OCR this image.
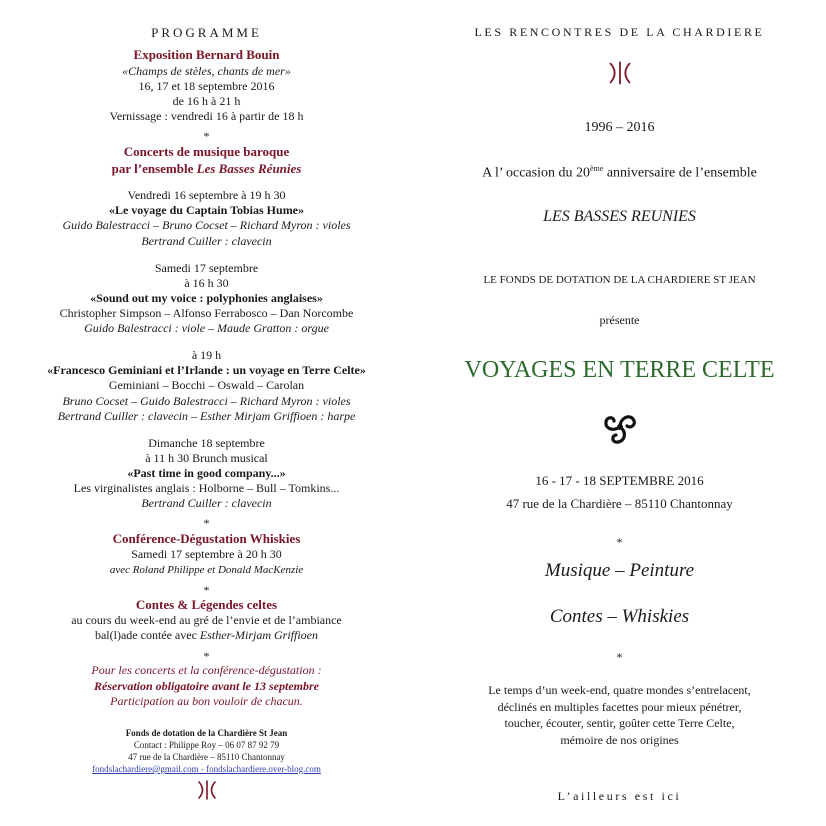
PROGRAMME
Exposition Bernard Bouin
«Champs de stèles, chants de mer»
16, 17 et 18 septembre 2016
de 16 h à 21 h
Vernissage : vendredi 16 à partir de 18 h
*
Concerts de musique baroque
par l’ensemble Les Basses Réunies
Vendredi 16 septembre à 19 h 30
«Le voyage du Captain Tobias Hume»
Guido Balestracci – Bruno Cocset – Richard Myron : violes
Bertrand Cuiller : clavecin
Samedi 17 septembre
à 16 h 30
«Sound out my voice : polyphonies anglaises»
Christopher Simpson – Alfonso Ferrabosco – Dan Norcombe
Guido Balestracci : viole – Maude Gratton : orgue
à 19 h
«Francesco Geminiani et l’Irlande : un voyage en Terre Celte»
Geminiani – Bocchi – Oswald – Carolan
Bruno Cocset – Guido Balestracci – Richard Myron : violes
Bertrand Cuiller : clavecin – Esther Mirjam Griffioen : harpe
Dimanche 18 septembre
à 11 h 30 Brunch musical
«Past time in good company...»
Les virginalistes anglais : Holborne – Bull – Tomkins...
Bertrand Cuiller : clavecin
*
Conférence-Dégustation Whiskies
Samedi 17 septembre à 20 h 30
avec Roland Philippe et Donald MacKenzie
*
Contes & Légendes celtes
au cours du week-end au gré de l’envie et de l’ambiance
bal(l)ade contée avec Esther-Mirjam Griffioen
*
Pour les concerts et la conférence-dégustation :
Réservation obligatoire avant le 13 septembre
Participation au bon vouloir de chacun.
Fonds de dotation de la Chardière St Jean
Contact : Philippe Roy – 06 07 87 92 79
47 rue de la Chardière – 85110 Chantonnay
fondslachardiere@gmail.com - fondslachardiere.over-blog.com
LES RENCONTRES DE LA CHARDIERE
1996 – 2016
A l’ occasion du 20ème anniversaire de l’ensemble
LES BASSES REUNIES
LE FONDS DE DOTATION DE LA CHARDIERE ST JEAN
présente
VOYAGES EN TERRE CELTE
16 - 17 - 18 SEPTEMBRE 2016
47 rue de la Chardière – 85110 Chantonnay
*
Musique – Peinture
Contes – Whiskies
*
Le temps d’un week-end, quatre mondes s’entrelacent,
déclinés en multiples facettes pour mieux pénétrer,
toucher, écouter, sentir, goûter cette Terre Celte,
mémoire de nos origines
L’ailleurs est ici
